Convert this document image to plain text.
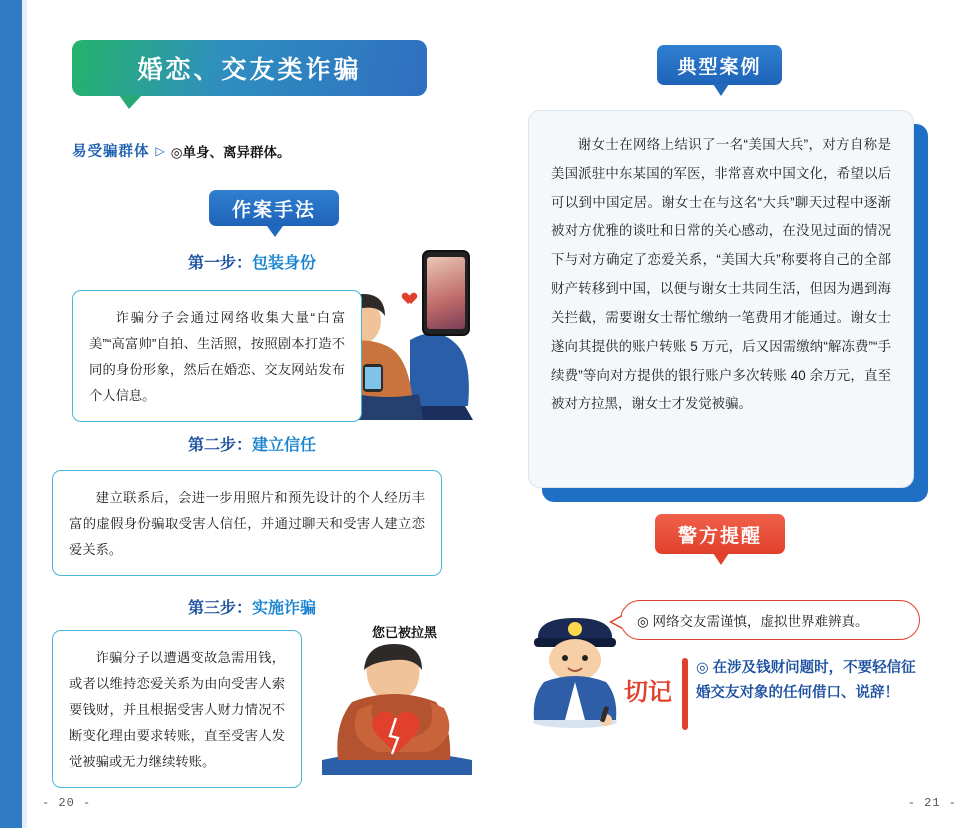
婚恋、交友类诈骗
易受骗群体 ▷ ◎单身、离异群体。
作案手法
第一步：包装身份

诈骗分子会通过网络收集大量“白富美”“高富帅”自拍、生活照，按照剧本打造不同的身份形象，然后在婚恋、交友网站发布个人信息。

第二步：建立信任

建立联系后，会进一步用照片和预先设计的个人经历丰富的虚假身份骗取受害人信任，并通过聊天和受害人建立恋爱关系。

第三步：实施诈骗

诈骗分子以遭遇变故急需用钱，或者以维持恋爱关系为由向受害人索要钱财，并且根据受害人财力情况不断变化理由要求转账，直至受害人发觉被骗或无力继续转账。

您已被拉黑
- 20 -
典型案例

谢女士在网络上结识了一名“美国大兵”，对方自称是美国派驻中东某国的军医，非常喜欢中国文化，希望以后可以到中国定居。谢女士在与这名“大兵”聊天过程中逐渐被对方优雅的谈吐和日常的关心感动，在没见过面的情况下与对方确定了恋爱关系，“美国大兵”称要将自己的全部财产转移到中国，以便与谢女士共同生活，但因为遇到海关拦截，需要谢女士帮忙缴纳一笔费用才能通过。谢女士遂向其提供的账户转账 5 万元，后又因需缴纳“解冻费”“手续费”等向对方提供的银行账户多次转账 40 余万元，直至被对方拉黑，谢女士才发觉被骗。

警方提醒
◎ 网络交友需谨慎，虚拟世界难辨真。
切记
◎ 在涉及钱财问题时，不要轻信征婚交友对象的任何借口、说辞！
- 21 -
